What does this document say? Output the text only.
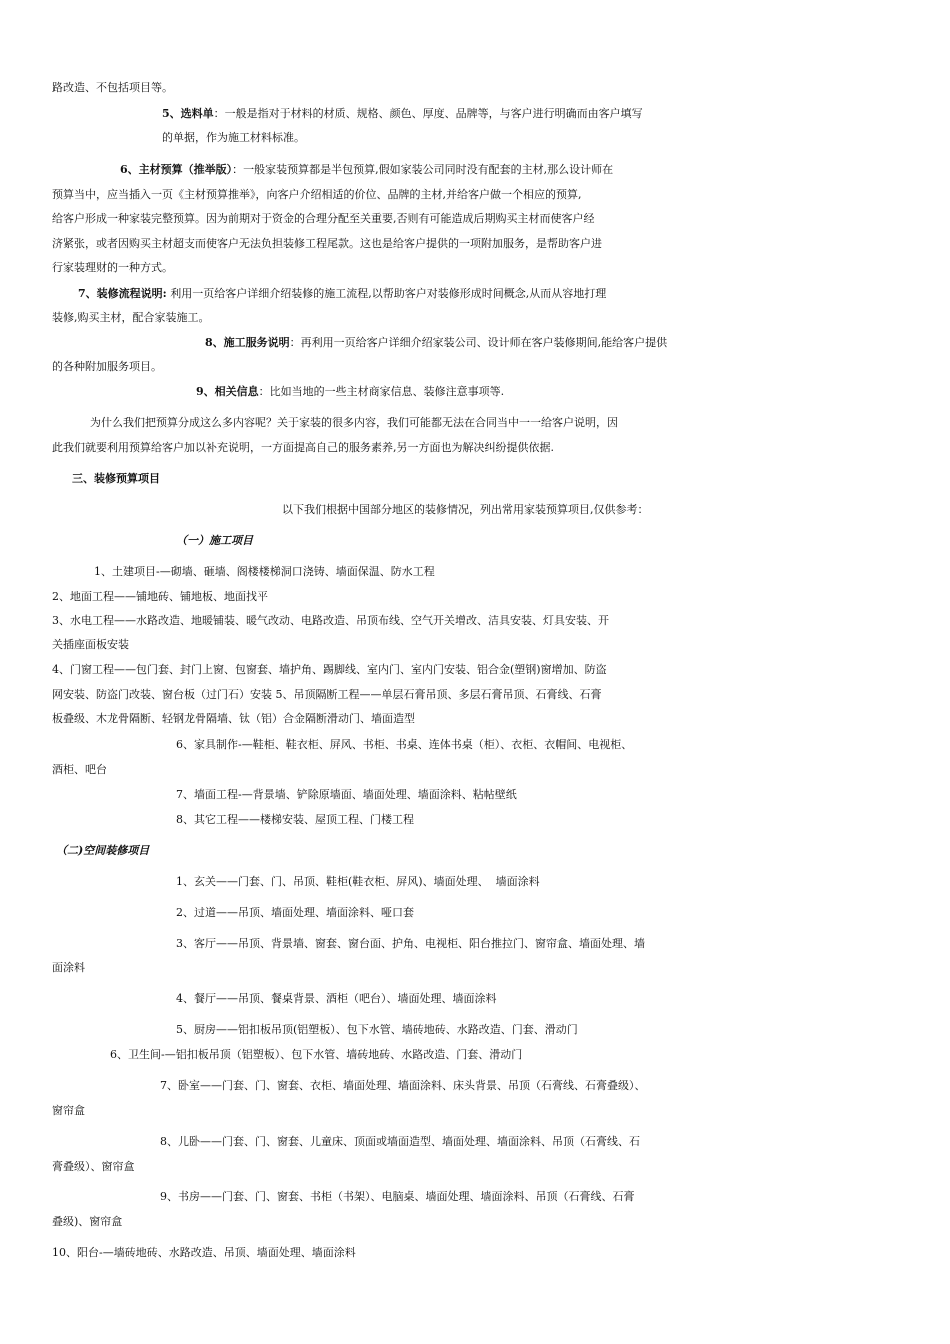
路改造、不包括项目等。
5、选料单：一般是指对于材料的材质、规格、颜色、厚度、品牌等，与客户进行明确而由客户填写
的单据，作为施工材料标准。
6、主材预算（推举版）：一般家装预算都是半包预算,假如家装公司同时没有配套的主材,那么设计师在
预算当中，应当插入一页《主材预算推举》，向客户介绍相适的价位、品牌的主材,并给客户做一个相应的预算,
给客户形成一种家装完整预算。因为前期对于资金的合理分配至关重要,否则有可能造成后期购买主材而使客户经
济紧张，或者因购买主材超支而使客户无法负担装修工程尾款。这也是给客户提供的一项附加服务，是帮助客户进
行家装理财的一种方式。
7、装修流程说明: 利用一页给客户详细介绍装修的施工流程,以帮助客户对装修形成时间概念,从而从容地打理
装修,购买主材，配合家装施工。
8、施工服务说明：再利用一页给客户详细介绍家装公司、设计师在客户装修期间,能给客户提供
的各种附加服务项目。
9、相关信息：比如当地的一些主材商家信息、装修注意事项等.
为什么我们把预算分成这么多内容呢？关于家装的很多内容，我们可能都无法在合同当中一一给客户说明，因
此我们就要利用预算给客户加以补充说明，一方面提高自己的服务素养,另一方面也为解决纠纷提供依据.
三、装修预算项目
以下我们根据中国部分地区的装修情况，列出常用家装预算项目,仅供参考：
（一）施工项目
1、土建项目-—砌墙、砸墙、阁楼楼梯洞口浇铸、墙面保温、防水工程
2、地面工程——铺地砖、铺地板、地面找平
3、水电工程——水路改造、地暖铺装、暖气改动、电路改造、吊顶布线、空气开关增改、洁具安装、灯具安装、开
关插座面板安装
4、门窗工程——包门套、封门上窗、包窗套、墙护角、踢脚线、室内门、室内门安装、铝合金(塑钢)窗增加、防盗
网安装、防盗门改装、窗台板（过门石）安装 5、吊顶隔断工程——单层石膏吊顶、多层石膏吊顶、石膏线、石膏
板叠级、木龙骨隔断、轻钢龙骨隔墙、钛（铝）合金隔断滑动门、墙面造型
6、家具制作-—鞋柜、鞋衣柜、屏风、书柜、书桌、连体书桌（柜）、衣柜、衣帽间、电视柜、
酒柜、吧台
7、墙面工程-—背景墙、铲除原墙面、墙面处理、墙面涂料、粘帖壁纸
8、其它工程——楼梯安装、屋顶工程、门楼工程
（二)空间装修项目
1、玄关——门套、门、吊顶、鞋柜(鞋衣柜、屏风)、墙面处理、  墙面涂料
2、过道——吊顶、墙面处理、墙面涂料、哑口套
3、客厅——吊顶、背景墙、窗套、窗台面、护角、电视柜、阳台推拉门、窗帘盒、墙面处理、墙
面涂料
4、餐厅——吊顶、餐桌背景、酒柜（吧台）、墙面处理、墙面涂料
5、厨房——铝扣板吊顶(铝塑板）、包下水管、墙砖地砖、水路改造、门套、滑动门
6、卫生间-—铝扣板吊顶（铝塑板）、包下水管、墙砖地砖、水路改造、门套、滑动门
7、卧室——门套、门、窗套、衣柜、墙面处理、墙面涂料、床头背景、吊顶（石膏线、石膏叠级）、
窗帘盒
8、儿卧——门套、门、窗套、儿童床、顶面或墙面造型、墙面处理、墙面涂料、吊顶（石膏线、石
膏叠级）、窗帘盒
9、书房——门套、门、窗套、书柜（书架）、电脑桌、墙面处理、墙面涂料、吊顶（石膏线、石膏
叠级)、窗帘盒
10、阳台-—墙砖地砖、水路改造、吊顶、墙面处理、墙面涂料
